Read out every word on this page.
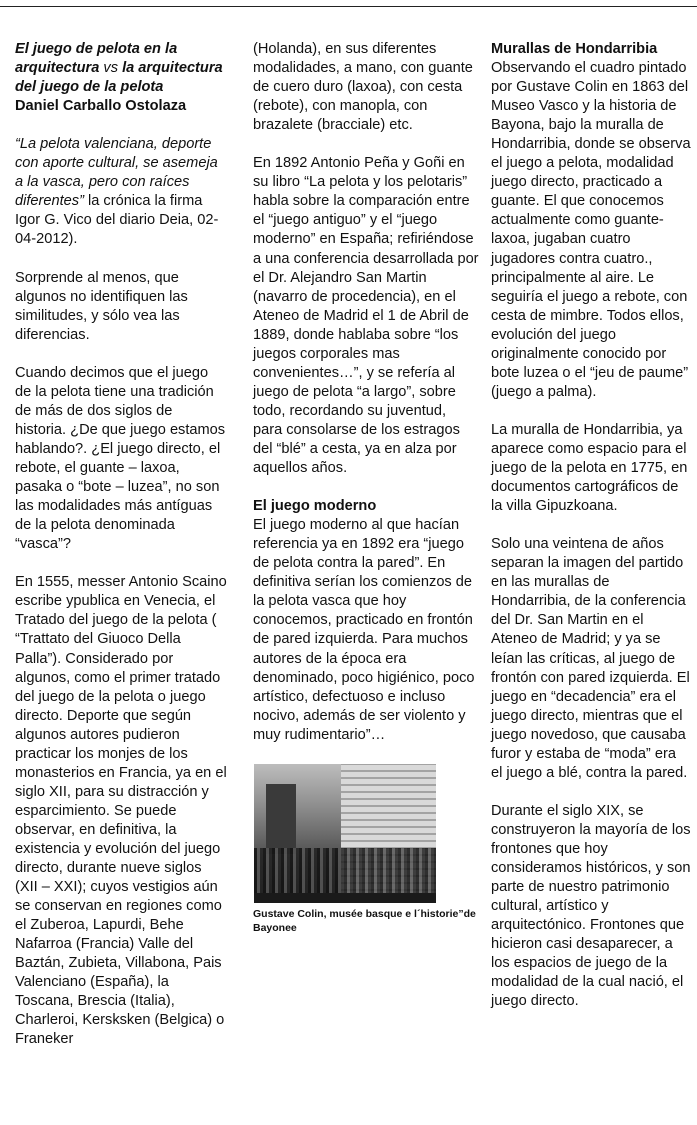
El juego de pelota en la arquitectura vs la arquitectura del juego de la pelota
Daniel Carballo Ostolaza

“La pelota valenciana, deporte con aporte cultural, se asemeja a la vasca, pero con raíces diferentes” la crónica la firma Igor G. Vico del diario Deia, 02-04-2012).

Sorprende al menos, que algunos no identifiquen las similitudes, y sólo vea las diferencias.

Cuando decimos que el juego de la pelota tiene una tradición de más de dos siglos de historia. ¿De que juego estamos hablando?. ¿El juego directo, el rebote, el guante – laxoa, pasaka o “bote – luzea”, no son las modalidades más antíguas de la pelota denominada “vasca”?

En 1555, messer Antonio Scaino escribe ypublica en Venecia, el Tratado del juego de la pelota ( “Trattato del Giuoco Della Palla”). Considerado por algunos, como el primer tratado del juego de la pelota o juego directo. Deporte que según algunos autores pudieron practicar los monjes de los monasterios en Francia, ya en el siglo XII, para su distracción y esparcimiento. Se puede observar, en definitiva, la existencia y evolución del juego directo, durante nueve siglos (XII – XXI); cuyos vestigios aún se conservan en regiones como el Zuberoa, Lapurdi, Behe Nafarroa (Francia) Valle del Baztán, Zubieta, Villabona, Pais Valenciano (España), la Toscana, Brescia (Italia), Charleroi, Kersksken (Belgica) o Franeker

(Holanda), en sus diferentes modalidades, a mano, con guante de cuero duro (laxoa), con cesta (rebote), con manopla, con brazalete (bracciale) etc.

En 1892 Antonio Peña y Goñi en su libro “La pelota y los pelotaris” habla sobre la comparación entre el “juego antiguo” y el “juego moderno” en España; refiriéndose a una conferencia desarrollada por el Dr. Alejandro San Martin (navarro de procedencia), en el Ateneo de Madrid el 1 de Abril de 1889, donde hablaba sobre “los juegos corporales mas convenientes…”, y se refería al juego de pelota “a largo”, sobre todo, recordando su juventud, para consolarse de los estragos del “blé” a cesta, ya en alza por aquellos años.

El juego moderno

El juego moderno al que hacían referencia ya en 1892 era “juego de pelota contra la pared”. En definitiva serían los comienzos de la pelota vasca que hoy conocemos, practicado en frontón de pared izquierda. Para muchos autores de la época era denominado, poco higiénico, poco artístico, defectuoso e incluso nocivo, además de ser violento y muy rudimentario”…

Gustave Colin, musée basque e l´historie”de Bayonee

Murallas de Hondarribia

Observando el cuadro pintado por Gustave Colin en 1863 del Museo Vasco y la historia de Bayona, bajo la muralla de Hondarribia, donde se observa el juego a pelota, modalidad juego directo, practicado a guante. El que conocemos actualmente como guante-laxoa, jugaban cuatro jugadores contra cuatro., principalmente al aire. Le seguiría el juego a rebote, con cesta de mimbre. Todos ellos, evolución del juego originalmente conocido por bote luzea o el “jeu de paume” (juego a palma).

La muralla de Hondarribia, ya aparece como espacio para el juego de la pelota en 1775, en documentos cartográficos de la villa Gipuzkoana.

Solo una veintena de años separan la imagen del partido en las murallas de Hondarribia, de la conferencia del Dr. San Martin en el Ateneo de Madrid; y ya se leían las críticas, al juego de frontón con pared izquierda. El juego en “decadencia” era el juego directo, mientras que el juego novedoso, que causaba furor y estaba de “moda” era el juego a blé, contra la pared.

Durante el siglo XIX, se construyeron la mayoría de los frontones que hoy consideramos históricos, y son parte de nuestro patrimonio cultural, artístico y arquitectónico. Frontones que hicieron casi desaparecer, a los espacios de juego de la modalidad de la cual nació, el juego directo.
